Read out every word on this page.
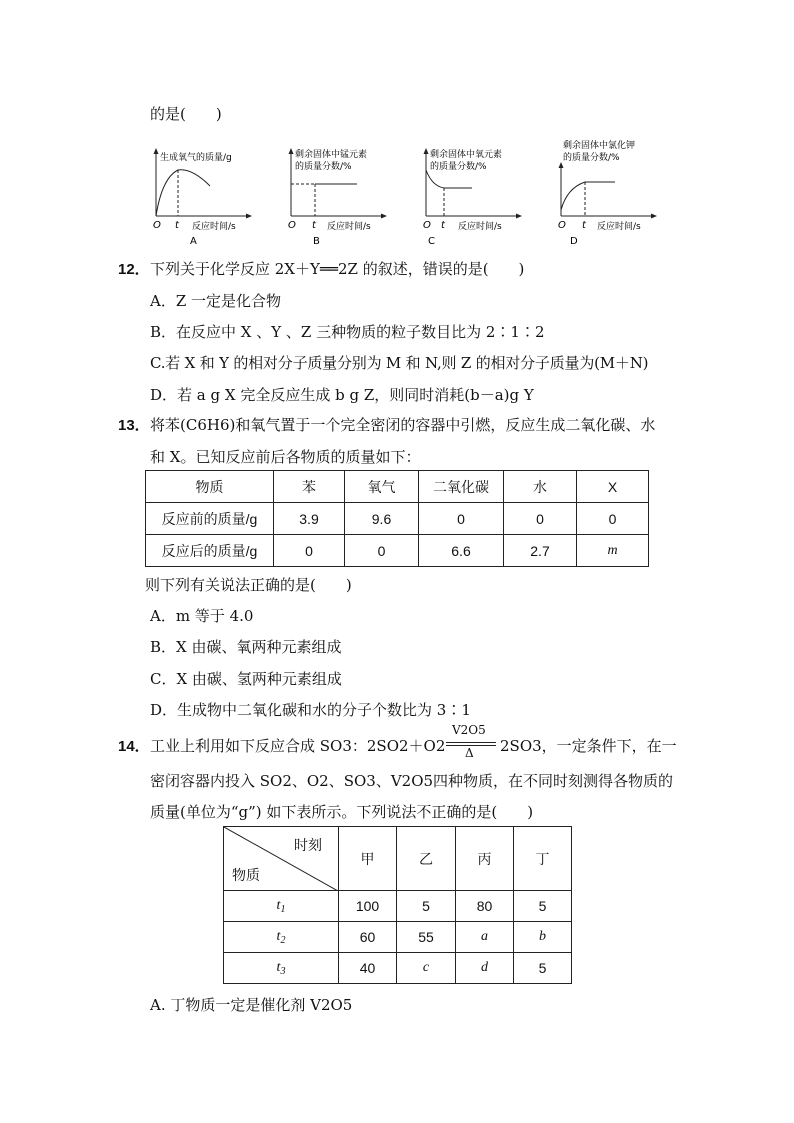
的是(　　)
生成氧气的质量/g
O t 反应时间/s
A
剩余固体中锰元素
的质量分数/%
O t 反应时间/s
B
剩余固体中氧元素
的质量分数/%
O t 反应时间/s
C
剩余固体中氯化钾
的质量分数/%
O t 反应时间/s
D
12． 下列关于化学反应 2X＋Y══2Z 的叙述，错误的是(　　)
A．Z 一定是化合物
B．在反应中 X 、Y 、Z 三种物质的粒子数目比为 2∶1∶2
C.若 X 和 Y 的相对分子质量分别为 M 和 N,则 Z 的相对分子质量为(M＋N)
D．若 a g X 完全反应生成 b g Z，则同时消耗(b－a)g Y
13． 将苯(C6H6)和氧气置于一个完全密闭的容器中引燃，反应生成二氧化碳、水
和 X。已知反应前后各物质的质量如下：
物质	苯	氧气	二氧化碳	水	X
反应前的质量/g	3.9	9.6	0	0	0
反应后的质量/g	0	0	6.6	2.7	m
则下列有关说法正确的是(　　)
A．m 等于 4.0
B．X 由碳、氧两种元素组成
C．X 由碳、氢两种元素组成
D．生成物中二氧化碳和水的分子个数比为 3∶1
14． 工业上利用如下反应合成 SO3：2SO2＋O2
V2O5
Δ 2SO3，一定条件下，在一
密闭容器内投入 SO2、O2、SO3、V2O5四种物质，在不同时刻测得各物质的
质量(单位为“g”) 如下表所示。下列说法不正确的是(　　)
时刻
物质	甲	乙	丙	丁
$t_1$	100	5	80	5
$t_2$	60	55	a	b
$t_3$	40	c	d	5
A. 丁物质一定是催化剂 V2O5
